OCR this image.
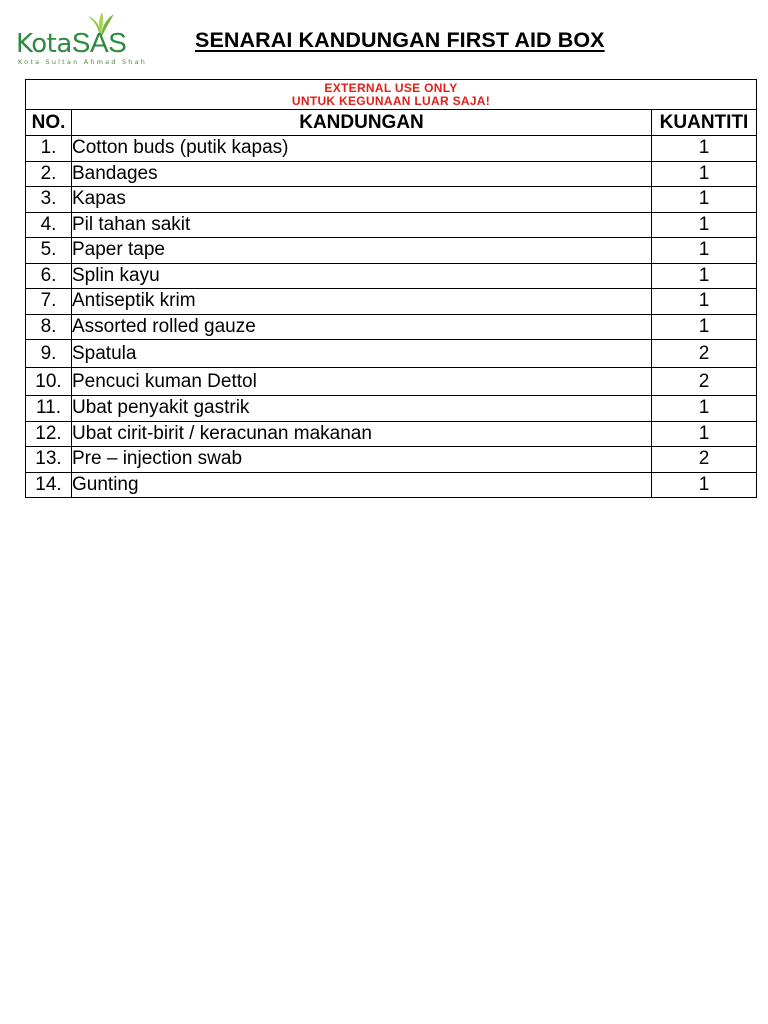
KotaSAS
Kota Sultan Ahmad Shah
SENARAI KANDUNGAN FIRST AID BOX
EXTERNAL USE ONLY
UNTUK KEGUNAAN LUAR SAJA!		

NO.	KANDUNGAN	KUANTITI
1.	Cotton buds (putik kapas)	1
2.	Bandages	1
3.	Kapas	1
4.	Pil tahan sakit	1
5.	Paper tape	1
6.	Splin kayu	1
7.	Antiseptik krim	1
8.	Assorted rolled gauze	1
9.	Spatula	2
10.	Pencuci kuman Dettol	2
11.	Ubat penyakit gastrik	1
12.	Ubat cirit-birit / keracunan makanan	1
13.	Pre – injection swab	2
14.	Gunting	1
